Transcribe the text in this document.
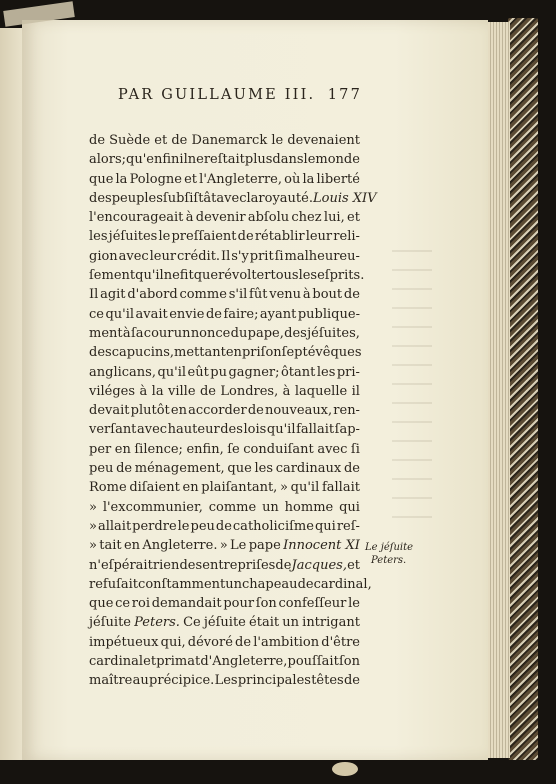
PAR GUILLAUME III. 177
de Suède et de Danemarck le devenaient
alors; qu'enfin il ne reſtait plus dans le monde
que la Pologne et l'Angleterre, où la liberté
des peuples ſubſiſtât avec la royauté. Louis XIV
l'encourageait à devenir abſolu chez lui, et
les jéſuites le preſſaient de rétablir leur reli-
gion avec leur crédit. Il s'y prit ſi malheureu-
ſement qu'il ne fit que révolter tous les eſprits.
Il agit d'abord comme s'il fût venu à bout de
ce qu'il avait envie de faire; ayant publique-
ment à ſa cour un nonce du pape, des jéſuites,
des capucins, mettant en priſon ſept évêques
anglicans, qu'il eût pu gagner; ôtant les pri-
viléges à la ville de Londres, à laquelle il
devait plutôt en accorder de nouveaux, ren-
verſant avec hauteur des lois qu'il fallait ſap-
per en ſilence; enfin, ſe conduiſant avec ſi
peu de ménagement, que les cardinaux de
Rome diſaient en plaiſantant, » qu'il fallait
» l'excommunier, comme un homme qui
» allait perdre le peu de catholiciſme qui reſ-
» tait en Angleterre. » Le pape Innocent XI
n'eſpérait rien des entrepriſes de Jacques, et
refuſait conſtamment un chapeau de cardinal,
que ce roi demandait pour ſon confeſſeur le
jéſuite Peters. Ce jéſuite était un intrigant
impétueux qui, dévoré de l'ambition d'être
cardinal et primat d'Angleterre, pouſſait ſon
maître au précipice. Les principales têtes de
Le jéſuite
Peters.
